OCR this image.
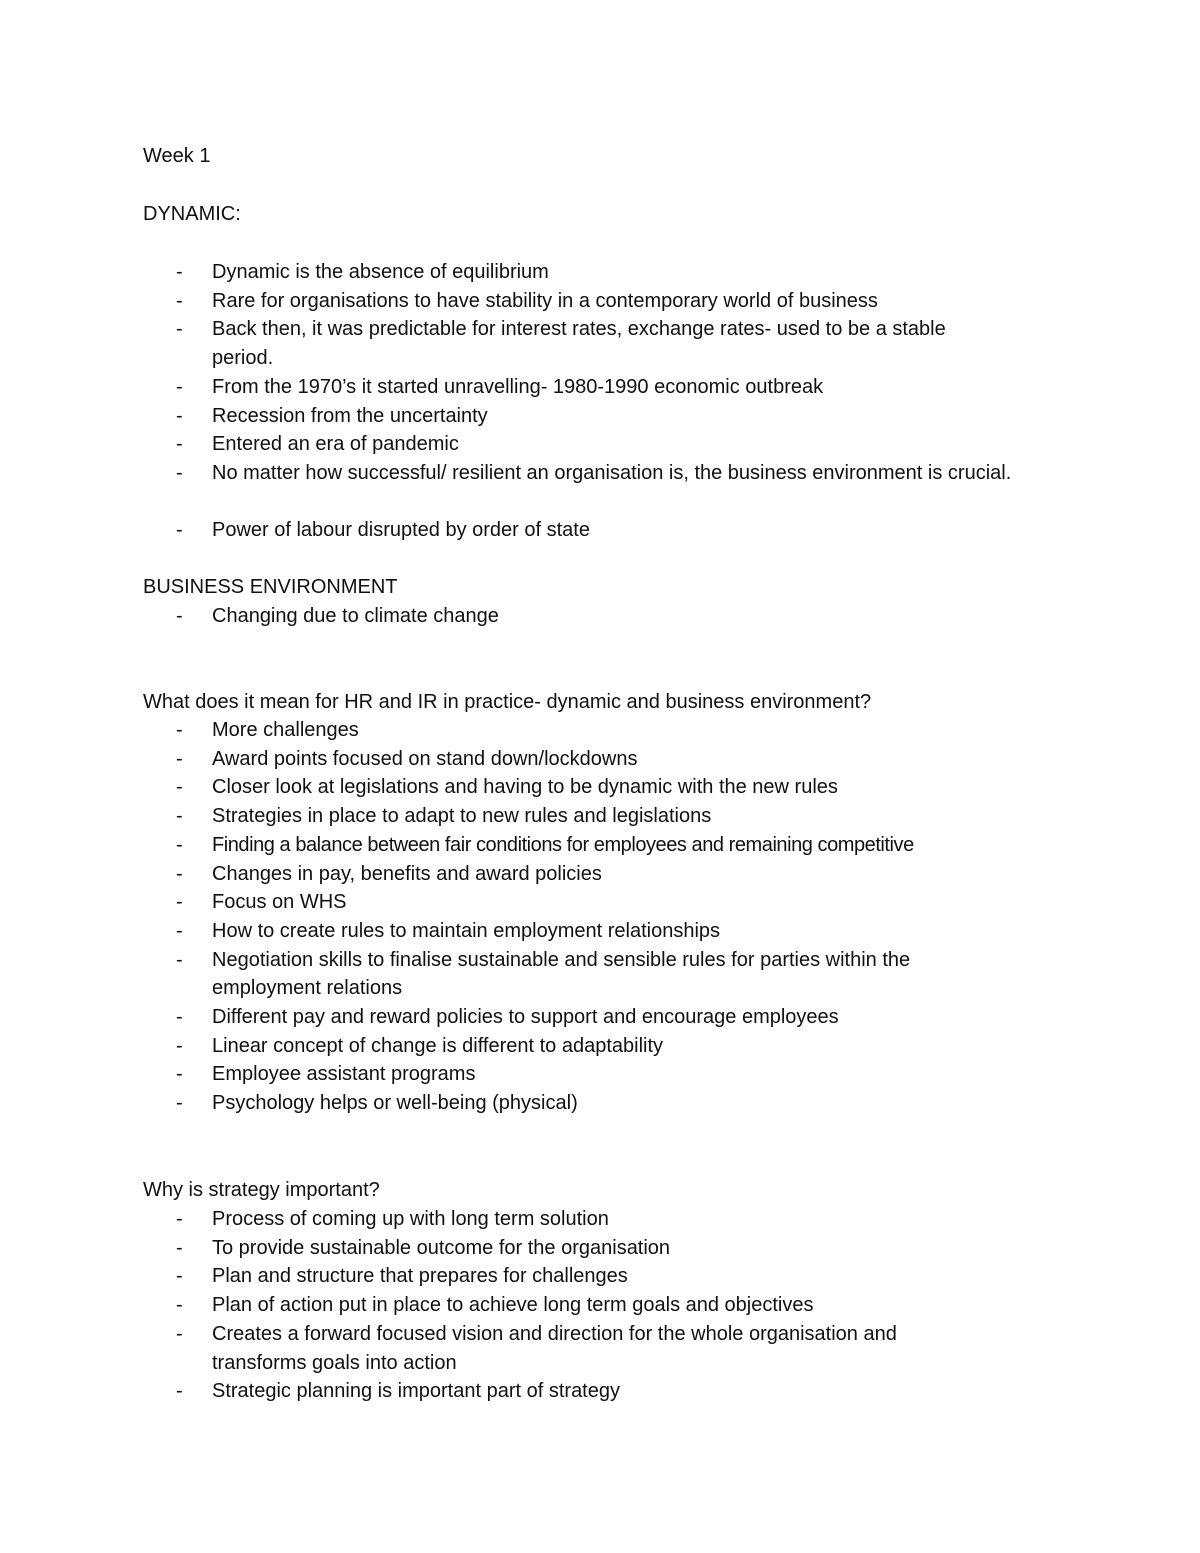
Week 1

DYNAMIC:

- Dynamic is the absence of equilibrium
- Rare for organisations to have stability in a contemporary world of business
- Back then, it was predictable for interest rates, exchange rates- used to be a stable period.
- From the 1970’s it started unravelling- 1980-1990 economic outbreak
- Recession from the uncertainty
- Entered an era of pandemic
- No matter how successful/ resilient an organisation is, the business environment is crucial.
- Power of labour disrupted by order of state

BUSINESS ENVIRONMENT

- Changing due to climate change

What does it mean for HR and IR in practice- dynamic and business environment?

- More challenges
- Award points focused on stand down/lockdowns
- Closer look at legislations and having to be dynamic with the new rules
- Strategies in place to adapt to new rules and legislations
- Finding a balance between fair conditions for employees and remaining competitive
- Changes in pay, benefits and award policies
- Focus on WHS
- How to create rules to maintain employment relationships
- Negotiation skills to finalise sustainable and sensible rules for parties within the employment relations
- Different pay and reward policies to support and encourage employees
- Linear concept of change is different to adaptability
- Employee assistant programs
- Psychology helps or well-being (physical)

Why is strategy important?

- Process of coming up with long term solution
- To provide sustainable outcome for the organisation
- Plan and structure that prepares for challenges
- Plan of action put in place to achieve long term goals and objectives
- Creates a forward focused vision and direction for the whole organisation and transforms goals into action
- Strategic planning is important part of strategy
